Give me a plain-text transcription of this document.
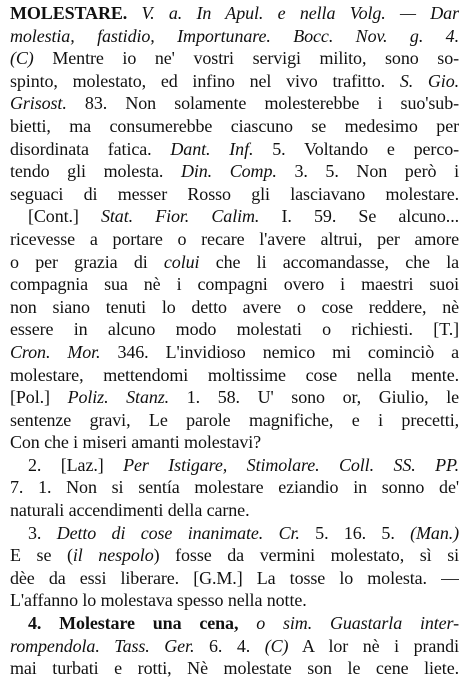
MOLESTARE. V. a. In Apul. e nella Volg. — Dar
molestia, fastidio, Importunare. Bocc. Nov. g. 4.
(C) Mentre io ne' vostri servigi milito, sono so-
spinto, molestato, ed infino nel vivo trafitto. S. Gio.
Grisost. 83. Non solamente molesterebbe i suo'sub-
bietti, ma consumerebbe ciascuno se medesimo per
disordinata fatica. Dant. Inf. 5. Voltando e perco-
tendo gli molesta. Din. Comp. 3. 5. Non però i
seguaci di messer Rosso gli lasciavano molestare.
[Cont.] Stat. Fior. Calim. I. 59. Se alcuno...
ricevesse a portare o recare l'avere altrui, per amore
o per grazia di colui che li accomandasse, che la
compagnia sua nè i compagni overo i maestri suoi
non siano tenuti lo detto avere o cose reddere, nè
essere in alcuno modo molestati o richiesti. [T.]
Cron. Mor. 346. L'invidioso nemico mi cominciò a
molestare, mettendomi moltissime cose nella mente.
[Pol.] Poliz. Stanz. 1. 58. U' sono or, Giulio, le
sentenze gravi, Le parole magnifiche, e i precetti,
Con che i miseri amanti molestavi?
2. [Laz.] Per Istigare, Stimolare. Coll. SS. PP.
7. 1. Non si sentía molestare eziandio in sonno de'
naturali accendimenti della carne.
3. Detto di cose inanimate. Cr. 5. 16. 5. (Man.)
E se (il nespolo) fosse da vermini molestato, sì si
dèe da essi liberare. [G.M.] La tosse lo molesta. —
L'affanno lo molestava spesso nella notte.
4. Molestare una cena, o sim. Guastarla inter-
rompendola. Tass. Ger. 6. 4. (C) A lor nè i prandi
mai turbati e rotti, Nè molestate son le cene liete.
